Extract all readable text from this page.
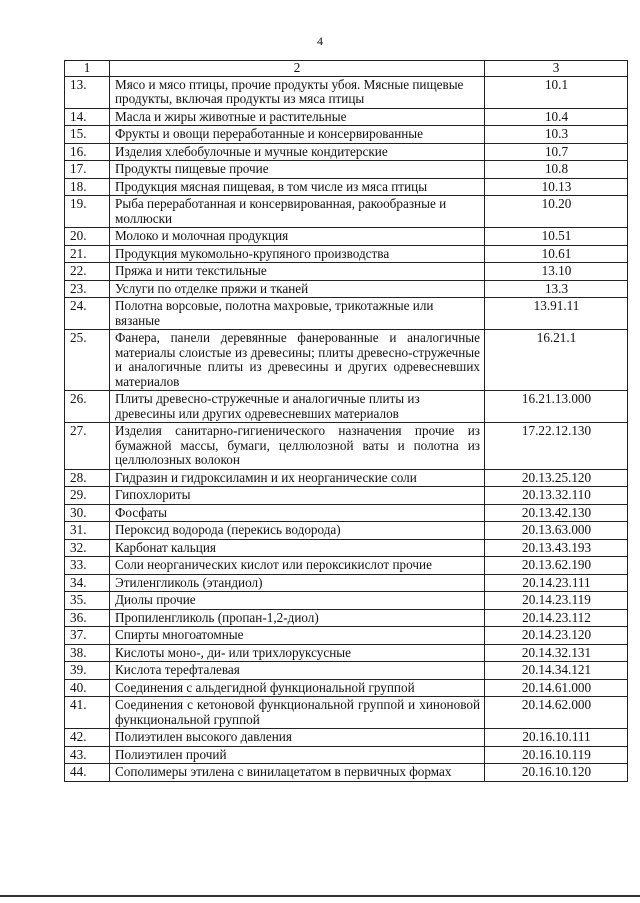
4
1	2	3
13.	Мясо и мясо птицы, прочие продукты убоя. Мясные пищевые продукты, включая продукты из мяса птицы	10.1
14.	Масла и жиры животные и растительные	10.4
15.	Фрукты и овощи переработанные и консервированные	10.3
16.	Изделия хлебобулочные и мучные кондитерские	10.7
17.	Продукты пищевые прочие	10.8
18.	Продукция мясная пищевая, в том числе из мяса птицы	10.13
19.	Рыба переработанная и консервированная, ракообразные и моллюски	10.20
20.	Молоко и молочная продукция	10.51
21.	Продукция мукомольно-крупяного производства	10.61
22.	Пряжа и нити текстильные	13.10
23.	Услуги по отделке пряжи и тканей	13.3
24.	Полотна ворсовые, полотна махровые, трикотажные или вязаные	13.91.11
25.	Фанера, панели деревянные фанерованные и аналогичные материалы слоистые из древесины; плиты древесно-стружечные и аналогичные плиты из древесины и других одревесневших материалов	16.21.1
26.	Плиты древесно-стружечные и аналогичные плиты из древесины или других одревесневших материалов	16.21.13.000
27.	Изделия санитарно-гигиенического назначения прочие из бумажной массы, бумаги, целлюлозной ваты и полотна из целлюлозных волокон	17.22.12.130
28.	Гидразин и гидроксиламин и их неорганические соли	20.13.25.120
29.	Гипохлориты	20.13.32.110
30.	Фосфаты	20.13.42.130
31.	Пероксид водорода (перекись водорода)	20.13.63.000
32.	Карбонат кальция	20.13.43.193
33.	Соли неорганических кислот или пероксикислот прочие	20.13.62.190
34.	Этиленгликоль (этандиол)	20.14.23.111
35.	Диолы прочие	20.14.23.119
36.	Пропиленгликоль (пропан-1,2-диол)	20.14.23.112
37.	Спирты многоатомные	20.14.23.120
38.	Кислоты моно-, ди- или трихлоруксусные	20.14.32.131
39.	Кислота терефталевая	20.14.34.121
40.	Соединения с альдегидной функциональной группой	20.14.61.000
41.	Соединения с кетоновой функциональной группой и хиноновой функциональной группой	20.14.62.000
42.	Полиэтилен высокого давления	20.16.10.111
43.	Полиэтилен прочий	20.16.10.119
44.	Сополимеры этилена с винилацетатом в первичных формах	20.16.10.120
